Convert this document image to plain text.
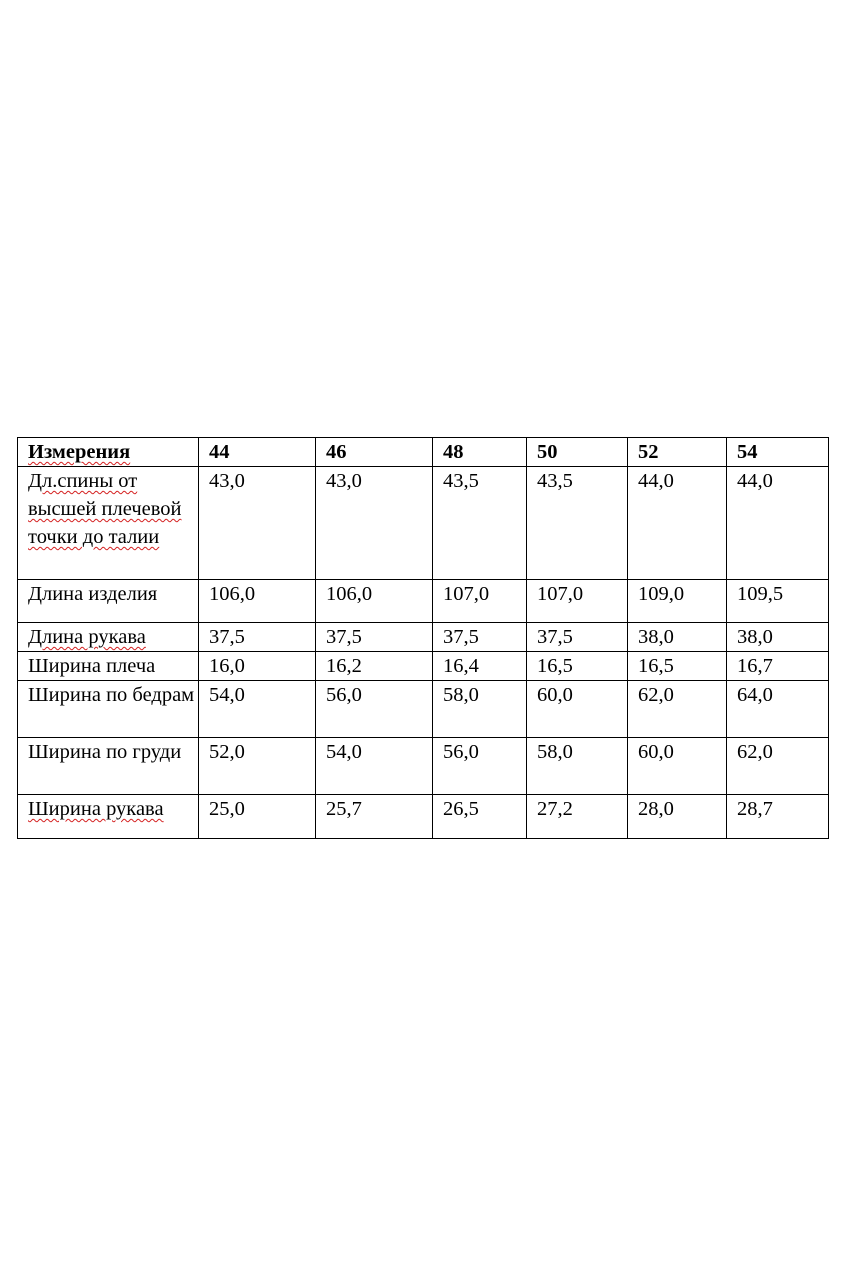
Измерения	44	46	48	50	52	54
Дл.спины от высшей плечевой точки до талии	43,0	43,0	43,5	43,5	44,0	44,0
Длина изделия	106,0	106,0	107,0	107,0	109,0	109,5
Длина рукава	37,5	37,5	37,5	37,5	38,0	38,0
Ширина плеча	16,0	16,2	16,4	16,5	16,5	16,7
Ширина по бедрам	54,0	56,0	58,0	60,0	62,0	64,0
Ширина по груди	52,0	54,0	56,0	58,0	60,0	62,0
Ширина рукава	25,0	25,7	26,5	27,2	28,0	28,7
